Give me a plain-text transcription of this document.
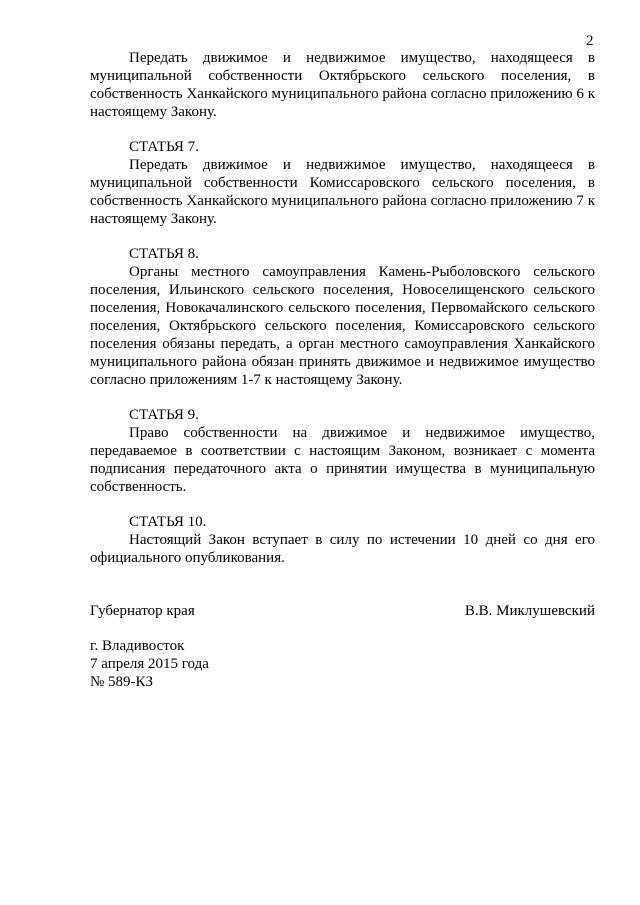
2

Передать движимое и недвижимое имущество, находящееся в муниципальной собственности Октябрьского сельского поселения, в собственность Ханкайского муниципального района согласно приложению 6 к настоящему Закону.

СТАТЬЯ 7.

Передать движимое и недвижимое имущество, находящееся в муниципальной собственности Комиссаровского сельского поселения, в собственность Ханкайского муниципального района согласно приложению 7 к настоящему Закону.

СТАТЬЯ 8.

Органы местного самоуправления Камень-Рыболовского сельского поселения, Ильинского сельского поселения, Новоселищенского сельского поселения, Новокачалинского сельского поселения, Первомайского сельского поселения, Октябрьского сельского поселения, Комиссаровского сельского поселения обязаны передать, а орган местного самоуправления Ханкайского муниципального района обязан принять движимое и недвижимое имущество согласно приложениям 1-7 к настоящему Закону.

СТАТЬЯ 9.

Право собственности на движимое и недвижимое имущество, передаваемое в соответствии с настоящим Законом, возникает с момента подписания передаточного акта о принятии имущества в муниципальную собственность.

СТАТЬЯ 10.

Настоящий Закон вступает в силу по истечении 10 дней со дня его официального опубликования.

Губернатор края	В.В. Миклушевский
г. Владивосток
7 апреля 2015 года
№ 589-КЗ
